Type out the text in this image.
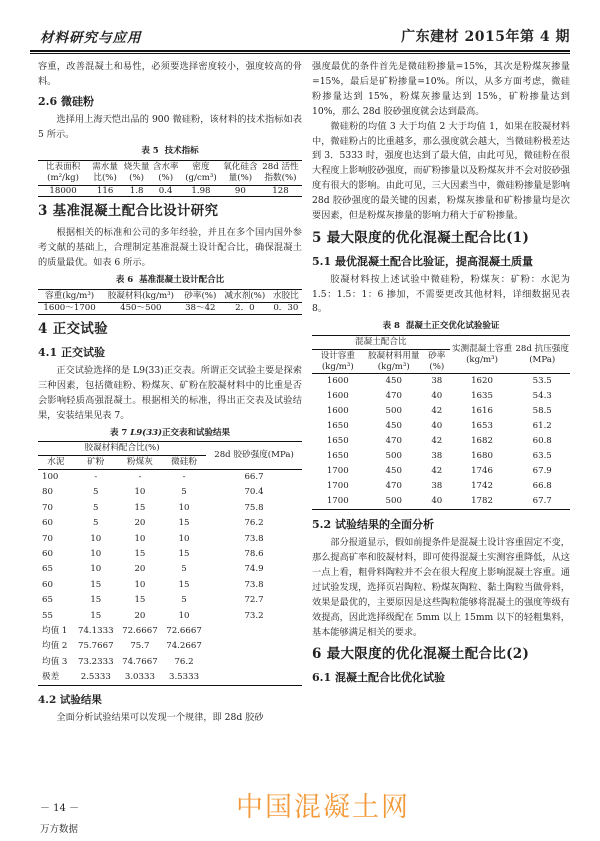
材料研究与应用	广东建材 2015年第 4 期

容重，改善混凝土和易性，必须要选择密度较小，强度较高的骨料。

2.6 微硅粉

选择用上海天恺出品的 900 微硅粉，该材料的技术指标如表 5 所示。

表 5 技术指标
比表面积(m²/kg)	需水量比(%)	烧失量(%)	含水率(%)	密度(g/cm³)	氧化硅含量(%)	28d 活性指数(%)
18000	116	1.8	0.4	1.98	90	128
3 基准混凝土配合比设计研究

根据相关的标准和公司的多年经验，并且在多个国内国外参考文献的基础上，合理制定基准混凝土设计配合比，确保混凝土的质量最优。如表 6 所示。

表 6 基准混凝土设计配合比
容重(kg/m³)	胶凝材料(kg/m³)	砂率(%)	减水剂(%)	水胶比
1600～1700	450～500	38～42	2．0	0．30
4 正交试验
4.1 正交试验

正交试验选择的是 L9(33)正交表。所谓正交试验主要是探索三种因素，包括微硅粉、粉煤灰、矿粉在胶凝材料中的比重是否会影响轻质高强混凝土。根据相关的标准，得出正交表及试验结果，安装结果见表 7。

表 7 L9(33)正交表和试验结果
胶凝材料配合比(%)				28d 胶砂强度(MPa)
水泥	矿粉	粉煤灰	微硅粉	
100	-	-	-	66.7
80	5	10	5	70.4
70	5	15	10	75.8
60	5	20	15	76.2
70	10	10	10	73.8
60	10	15	15	78.6
65	10	20	5	74.9
60	15	10	15	73.8
65	15	15	5	72.7
55	15	20	10	73.2
均值 1	74.1333	72.6667	72.6667	
均值 2	75.7667	75.7	74.2667	
均值 3	73.2333	74.7667	76.2	
极差	2.5333	3.0333	3.5333	
4.2 试验结果

全面分析试验结果可以发现一个规律，即 28d 胶砂

强度最优的条件首先是微硅粉掺量=15%，其次是粉煤灰掺量=15%，最后是矿粉掺量=10%。所以，从多方面考虑，微硅粉掺量达到 15%，粉煤灰掺量达到 15%，矿粉掺量达到 10%，那么 28d 胶砂强度就会达到最高。

微硅粉的均值 3 大于均值 2 大于均值 1，如果在胶凝材料中，微硅粉占的比重越多，那么强度就会越大，当微硅粉极差达到 3．5333 时，强度也达到了最大值，由此可见，微硅粉在很大程度上影响胶砂强度，而矿粉掺量以及粉煤灰并不会对胶砂强度有很大的影响。由此可见，三大因素当中，微硅粉掺量是影响 28d 胶砂强度的最关键的因素，粉煤灰掺量和矿粉掺量均是次要因素，但是粉煤灰掺量的影响力稍大于矿粉掺量。

5 最大限度的优化混凝土配合比(1)
5.1 最优混凝土配合比验证，提高混凝土质量

胶凝材料按上述试验中微硅粉，粉煤灰：矿粉：水泥为 1.5：1.5：1：6 掺加，不需要更改其他材料，详细数据见表 8。

表 8 混凝土正交优化试验验证
混凝土配合比			实测混凝土容重(kg/m³)	28d 抗压强度(MPa)
设计容重(kg/m³)	胶凝材料用量(kg/m³)	砂率(%)		
1600	450	38	1620	53.5
1600	470	40	1635	54.3
1600	500	42	1616	58.5
1650	450	40	1653	61.2
1650	470	42	1682	60.8
1650	500	38	1680	63.5
1700	450	42	1746	67.9
1700	470	38	1742	66.8
1700	500	40	1782	67.7
5.2 试验结果的全面分析

部分报道显示，假如前提条件是混凝土设计容重固定不变，那么提高矿率和胶凝材料，即可使得混凝土实测容重降低，从这一点上看，粗骨料陶粒并不会在很大程度上影响混凝土容重。通过试验发现，选择页岩陶粒、粉煤灰陶粒、黏土陶粒当做骨料，效果是最优的，主要原因是这些陶粒能够将混凝土的强度等级有效提高，因此选择级配在 5mm 以上 15mm 以下的轻粗集料，基本能够满足相关的要求。

6 最大限度的优化混凝土配合比(2)
6.1 混凝土配合比优化试验
－ 14 －
万方数据
中国混凝土网
